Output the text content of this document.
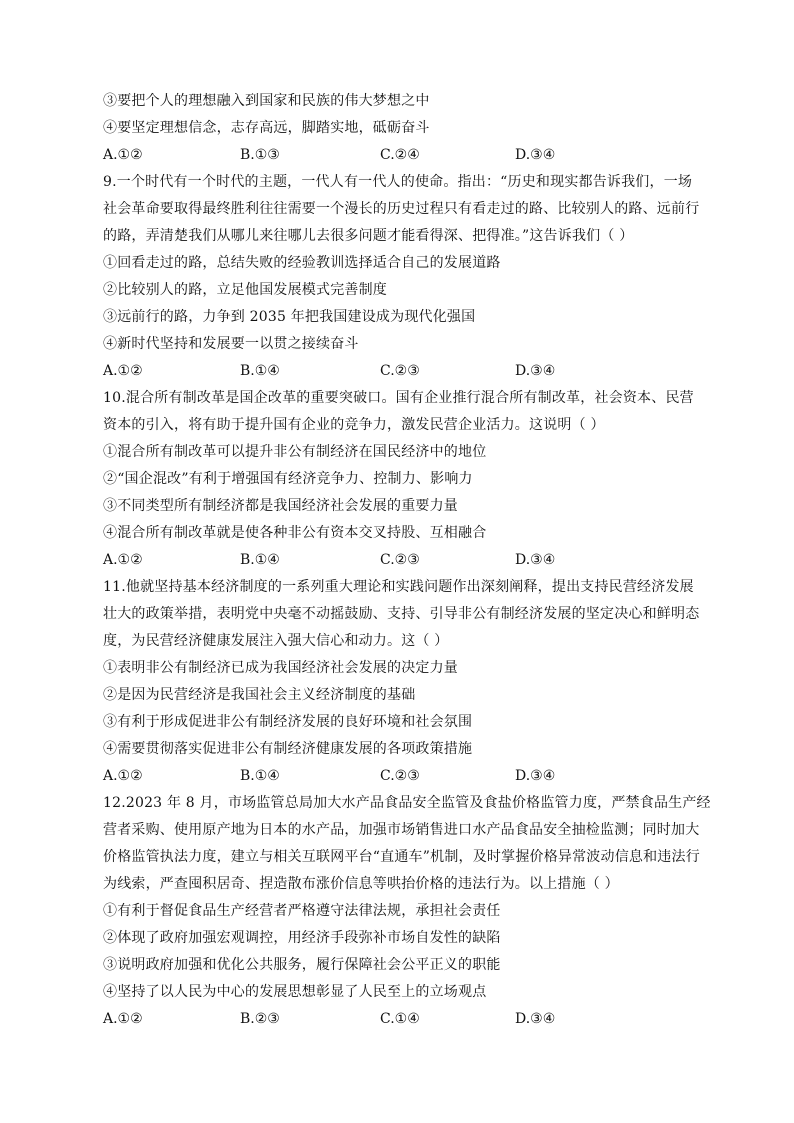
③要把个人的理想融入到国家和民族的伟大梦想之中
④要坚定理想信念，志存高远，脚踏实地，砥砺奋斗
A.①②	B.①③	C.②④	D.③④
9.一个时代有一个时代的主题，一代人有一代人的使命。指出：“历史和现实都告诉我们，一场
社会革命要取得最终胜利往往需要一个漫长的历史过程只有看走过的路、比较别人的路、远前行
的路，弄清楚我们从哪儿来往哪儿去很多问题才能看得深、把得准。”这告诉我们（ ）
①回看走过的路，总结失败的经验教训选择适合自己的发展道路
②比较别人的路，立足他国发展模式完善制度
③远前行的路，力争到 2035 年把我国建设成为现代化强国
④新时代坚持和发展要一以贯之接续奋斗
A.①②	B.①④	C.②③	D.③④
10.混合所有制改革是国企改革的重要突破口。国有企业推行混合所有制改革，社会资本、民营
资本的引入，将有助于提升国有企业的竞争力，激发民营企业活力。这说明（ ）
①混合所有制改革可以提升非公有制经济在国民经济中的地位
②“国企混改”有利于增强国有经济竞争力、控制力、影响力
③不同类型所有制经济都是我国经济社会发展的重要力量
④混合所有制改革就是使各种非公有资本交叉持股、互相融合
A.①②	B.①④	C.②③	D.③④
11.他就坚持基本经济制度的一系列重大理论和实践问题作出深刻阐释，提出支持民营经济发展
壮大的政策举措，表明党中央毫不动摇鼓励、支持、引导非公有制经济发展的坚定决心和鲜明态
度，为民营经济健康发展注入强大信心和动力。这（ ）
①表明非公有制经济已成为我国经济社会发展的决定力量
②是因为民营经济是我国社会主义经济制度的基础
③有利于形成促进非公有制经济发展的良好环境和社会氛围
④需要贯彻落实促进非公有制经济健康发展的各项政策措施
A.①②	B.①④	C.②③	D.③④
12.2023 年 8 月，市场监管总局加大水产品食品安全监管及食盐价格监管力度，严禁食品生产经
营者采购、使用原产地为日本的水产品，加强市场销售进口水产品食品安全抽检监测；同时加大
价格监管执法力度，建立与相关互联网平台“直通车”机制，及时掌握价格异常波动信息和违法行
为线索，严查囤积居奇、捏造散布涨价信息等哄抬价格的违法行为。以上措施（ ）
①有利于督促食品生产经营者严格遵守法律法规，承担社会责任
②体现了政府加强宏观调控，用经济手段弥补市场自发性的缺陷
③说明政府加强和优化公共服务，履行保障社会公平正义的职能
④坚持了以人民为中心的发展思想彰显了人民至上的立场观点
A.①②	B.②③	C.①④	D.③④
